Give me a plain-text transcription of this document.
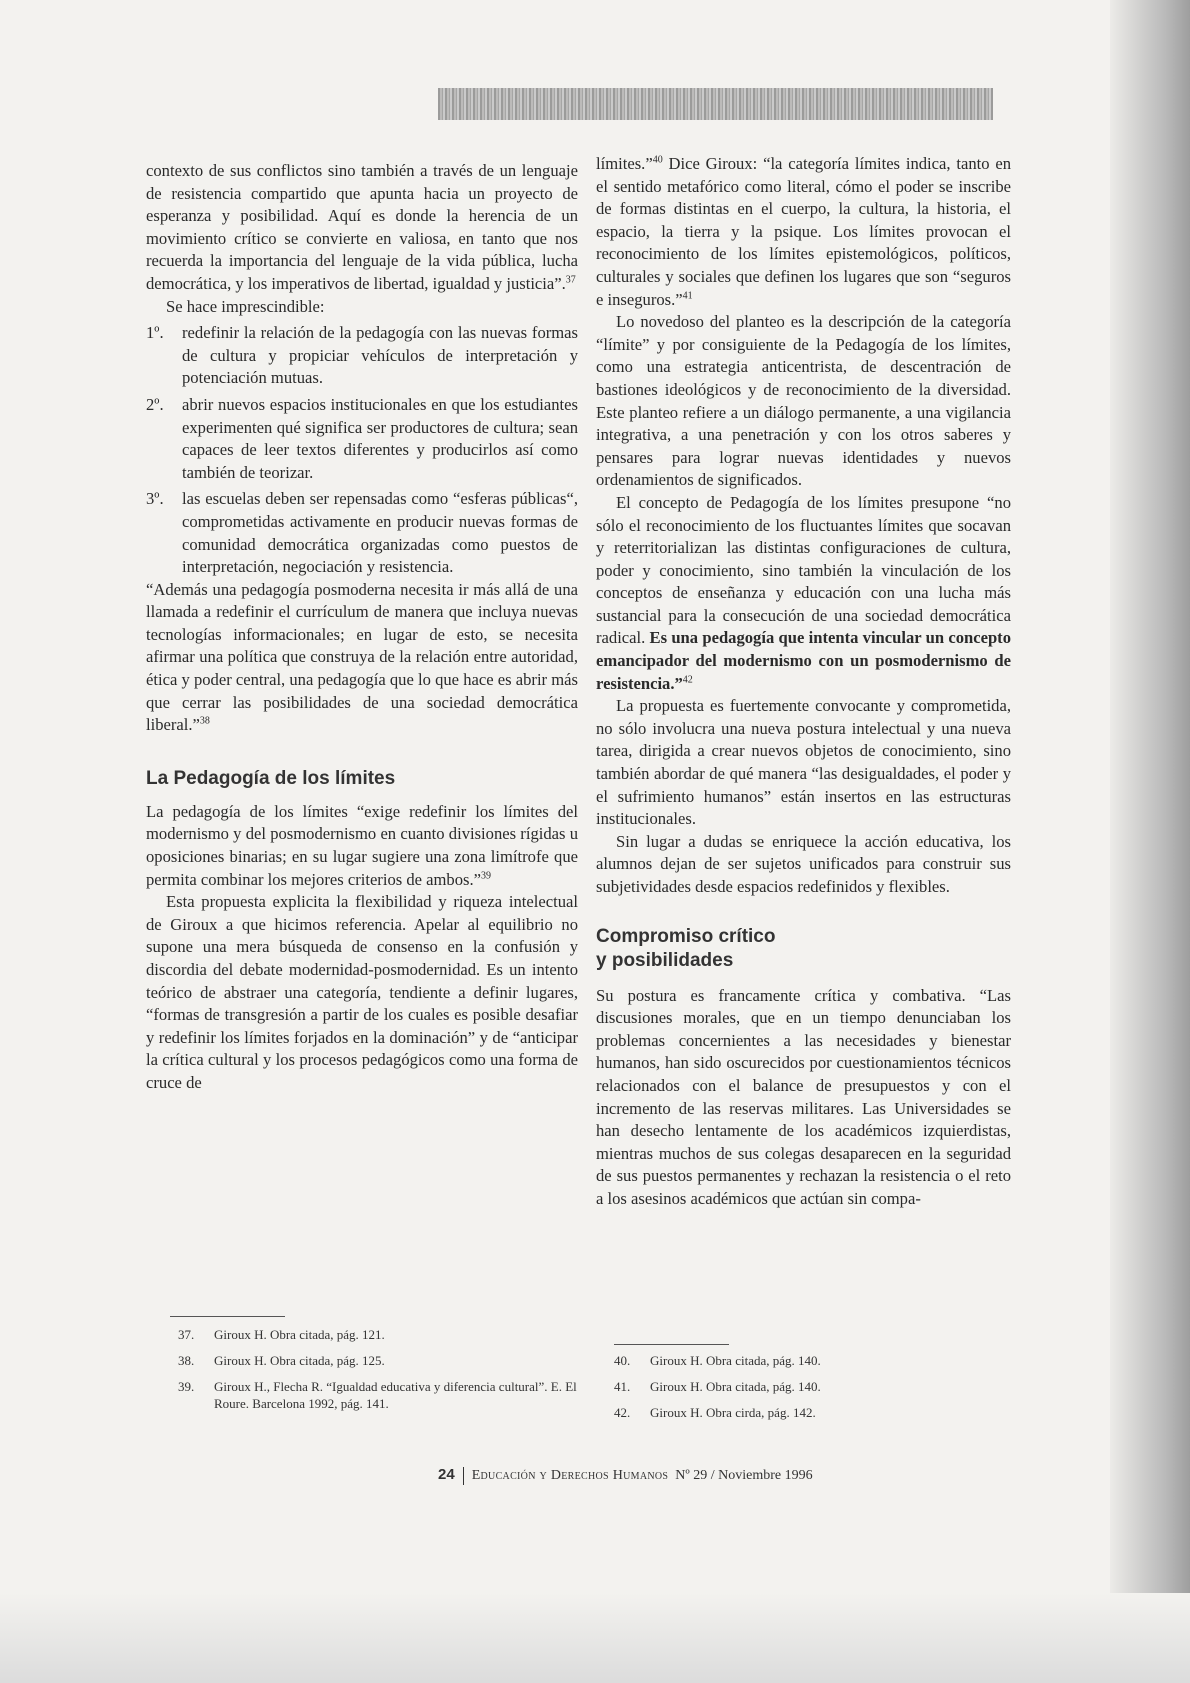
contexto de sus conflictos sino también a través de un lenguaje de resistencia compartido que apunta hacia un proyecto de esperanza y posibilidad. Aquí es donde la herencia de un movimiento crítico se convierte en valiosa, en tanto que nos recuerda la importancia del lenguaje de la vida pública, lucha democrática, y los imperativos de libertad, igualdad y justicia”.$^{37}$

Se hace imprescindible:

1º.	redefinir la relación de la pedagogía con las nuevas formas de cultura y propiciar vehículos de interpretación y potenciación mutuas.
2º.	abrir nuevos espacios institucionales en que los estudiantes experimenten qué significa ser productores de cultura; sean capaces de leer textos diferentes y producirlos así como también de teorizar.
3º.	las escuelas deben ser repensadas como “esferas públicas“, comprometidas activamente en producir nuevas formas de comunidad democrática organizadas como puestos de interpretación, negociación y resistencia.

“Además una pedagogía posmoderna necesita ir más allá de una llamada a redefinir el currículum de manera que incluya nuevas tecnologías informacionales; en lugar de esto, se necesita afirmar una política que construya de la relación entre autoridad, ética y poder central, una pedagogía que lo que hace es abrir más que cerrar las posibilidades de una sociedad democrática liberal.”$^{38}$

La Pedagogía de los límites

La pedagogía de los límites “exige redefinir los límites del modernismo y del posmodernismo en cuanto divisiones rígidas u oposiciones binarias; en su lugar sugiere una zona limítrofe que permita combinar los mejores criterios de ambos.”$^{39}$

Esta propuesta explicita la flexibilidad y riqueza intelectual de Giroux a que hicimos referencia. Apelar al equilibrio no supone una mera búsqueda de consenso en la confusión y discordia del debate modernidad-posmodernidad. Es un intento teórico de abstraer una categoría, tendiente a definir lugares, “formas de transgresión a partir de los cuales es posible desafiar y redefinir los límites forjados en la dominación” y de “anticipar la crítica cultural y los procesos pedagógicos como una forma de cruce de

límites.”$^{40}$ Dice Giroux: “la categoría límites indica, tanto en el sentido metafórico como literal, cómo el poder se inscribe de formas distintas en el cuerpo, la cultura, la historia, el espacio, la tierra y la psique. Los límites provocan el reconocimiento de los límites epistemológicos, políticos, culturales y sociales que definen los lugares que son “seguros e inseguros.”$^{41}$

Lo novedoso del planteo es la descripción de la categoría “límite” y por consiguiente de la Pedagogía de los límites, como una estrategia anticentrista, de descentración de bastiones ideológicos y de reconocimiento de la diversidad. Este planteo refiere a un diálogo permanente, a una vigilancia integrativa, a una penetración y con los otros saberes y pensares para lograr nuevas identidades y nuevos ordenamientos de significados.

El concepto de Pedagogía de los límites presupone “no sólo el reconocimiento de los fluctuantes límites que socavan y reterritorializan las distintas configuraciones de cultura, poder y conocimiento, sino también la vinculación de los conceptos de enseñanza y educación con una lucha más sustancial para la consecución de una sociedad democrática radical. Es una pedagogía que intenta vincular un concepto emancipador del modernismo con un posmodernismo de resistencia.”$^{42}$

La propuesta es fuertemente convocante y comprometida, no sólo involucra una nueva postura intelectual y una nueva tarea, dirigida a crear nuevos objetos de conocimiento, sino también abordar de qué manera “las desigualdades, el poder y el sufrimiento humanos” están insertos en las estructuras institucionales.

Sin lugar a dudas se enriquece la acción educativa, los alumnos dejan de ser sujetos unificados para construir sus subjetividades desde espacios redefinidos y flexibles.

Compromiso crítico
y posibilidades

Su postura es francamente crítica y combativa. “Las discusiones morales, que en un tiempo denunciaban los problemas concernientes a las necesidades y bienestar humanos, han sido oscurecidos por cuestionamientos técnicos relacionados con el balance de presupuestos y con el incremento de las reservas militares. Las Universidades se han desecho lentamente de los académicos izquierdistas, mientras muchos de sus colegas desaparecen en la seguridad de sus puestos permanentes y rechazan la resistencia o el reto a los asesinos académicos que actúan sin compa-

37.	Giroux H. Obra citada, pág. 121.
38.	Giroux H. Obra citada, pág. 125.
39.	Giroux H., Flecha R. “Igualdad educativa y diferencia cultural”. E. El Roure. Barcelona 1992, pág. 141.
40.	Giroux H. Obra citada, pág. 140.
41.	Giroux H. Obra citada, pág. 140.
42.	Giroux H. Obra cirda, pág. 142.
24 Educación y Derechos Humanos Nº 29 / Noviembre 1996
